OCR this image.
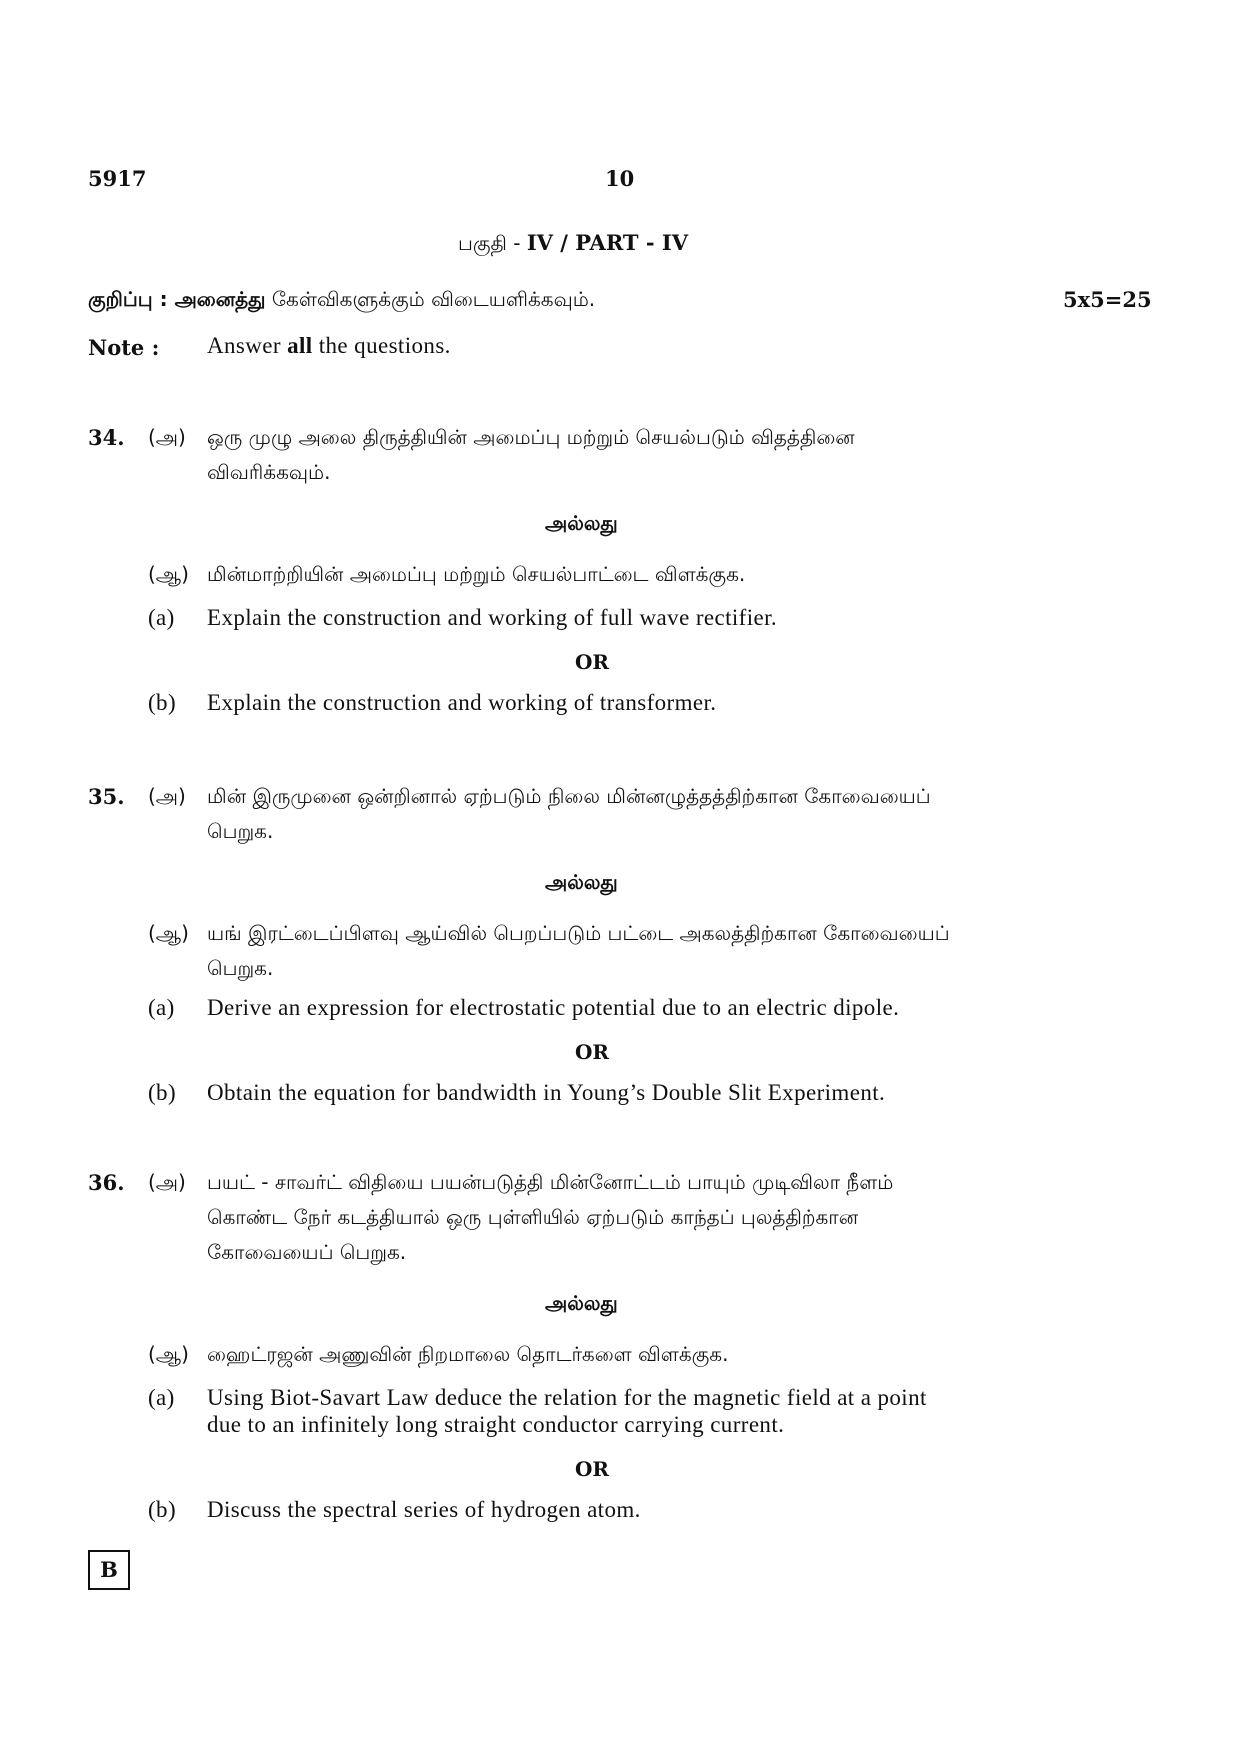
5917	10
பகுதி - IV / PART - IV
குறிப்பு : அனைத்து கேள்விகளுக்கும் விடையளிக்கவும்.	5x5=25
Note : Answer all the questions.
34. (அ) ஒரு முழு அலை திருத்தியின் அமைப்பு மற்றும் செயல்படும் விதத்தினை
விவரிக்கவும்.
அல்லது
(ஆ) மின்மாற்றியின் அமைப்பு மற்றும் செயல்பாட்டை விளக்குக.
(a) Explain the construction and working of full wave rectifier.
OR
(b) Explain the construction and working of transformer.
35. (அ) மின் இருமுனை ஒன்றினால் ஏற்படும் நிலை மின்னழுத்தத்திற்கான கோவையைப்
பெறுக.
அல்லது
(ஆ) யங் இரட்டைப்பிளவு ஆய்வில் பெறப்படும் பட்டை அகலத்திற்கான கோவையைப்
பெறுக.
(a) Derive an expression for electrostatic potential due to an electric dipole.
OR
(b) Obtain the equation for bandwidth in Young’s Double Slit Experiment.
36. (அ) பயட் - சாவர்ட் விதியை பயன்படுத்தி மின்னோட்டம் பாயும் முடிவிலா நீளம்
கொண்ட நேர் கடத்தியால் ஒரு புள்ளியில் ஏற்படும் காந்தப் புலத்திற்கான
கோவையைப் பெறுக.
அல்லது
(ஆ) ஹைட்ரஜன் அணுவின் நிறமாலை தொடர்களை விளக்குக.
(a) Using Biot-Savart Law deduce the relation for the magnetic field at a point
due to an infinitely long straight conductor carrying current.
OR
(b) Discuss the spectral series of hydrogen atom.
B
